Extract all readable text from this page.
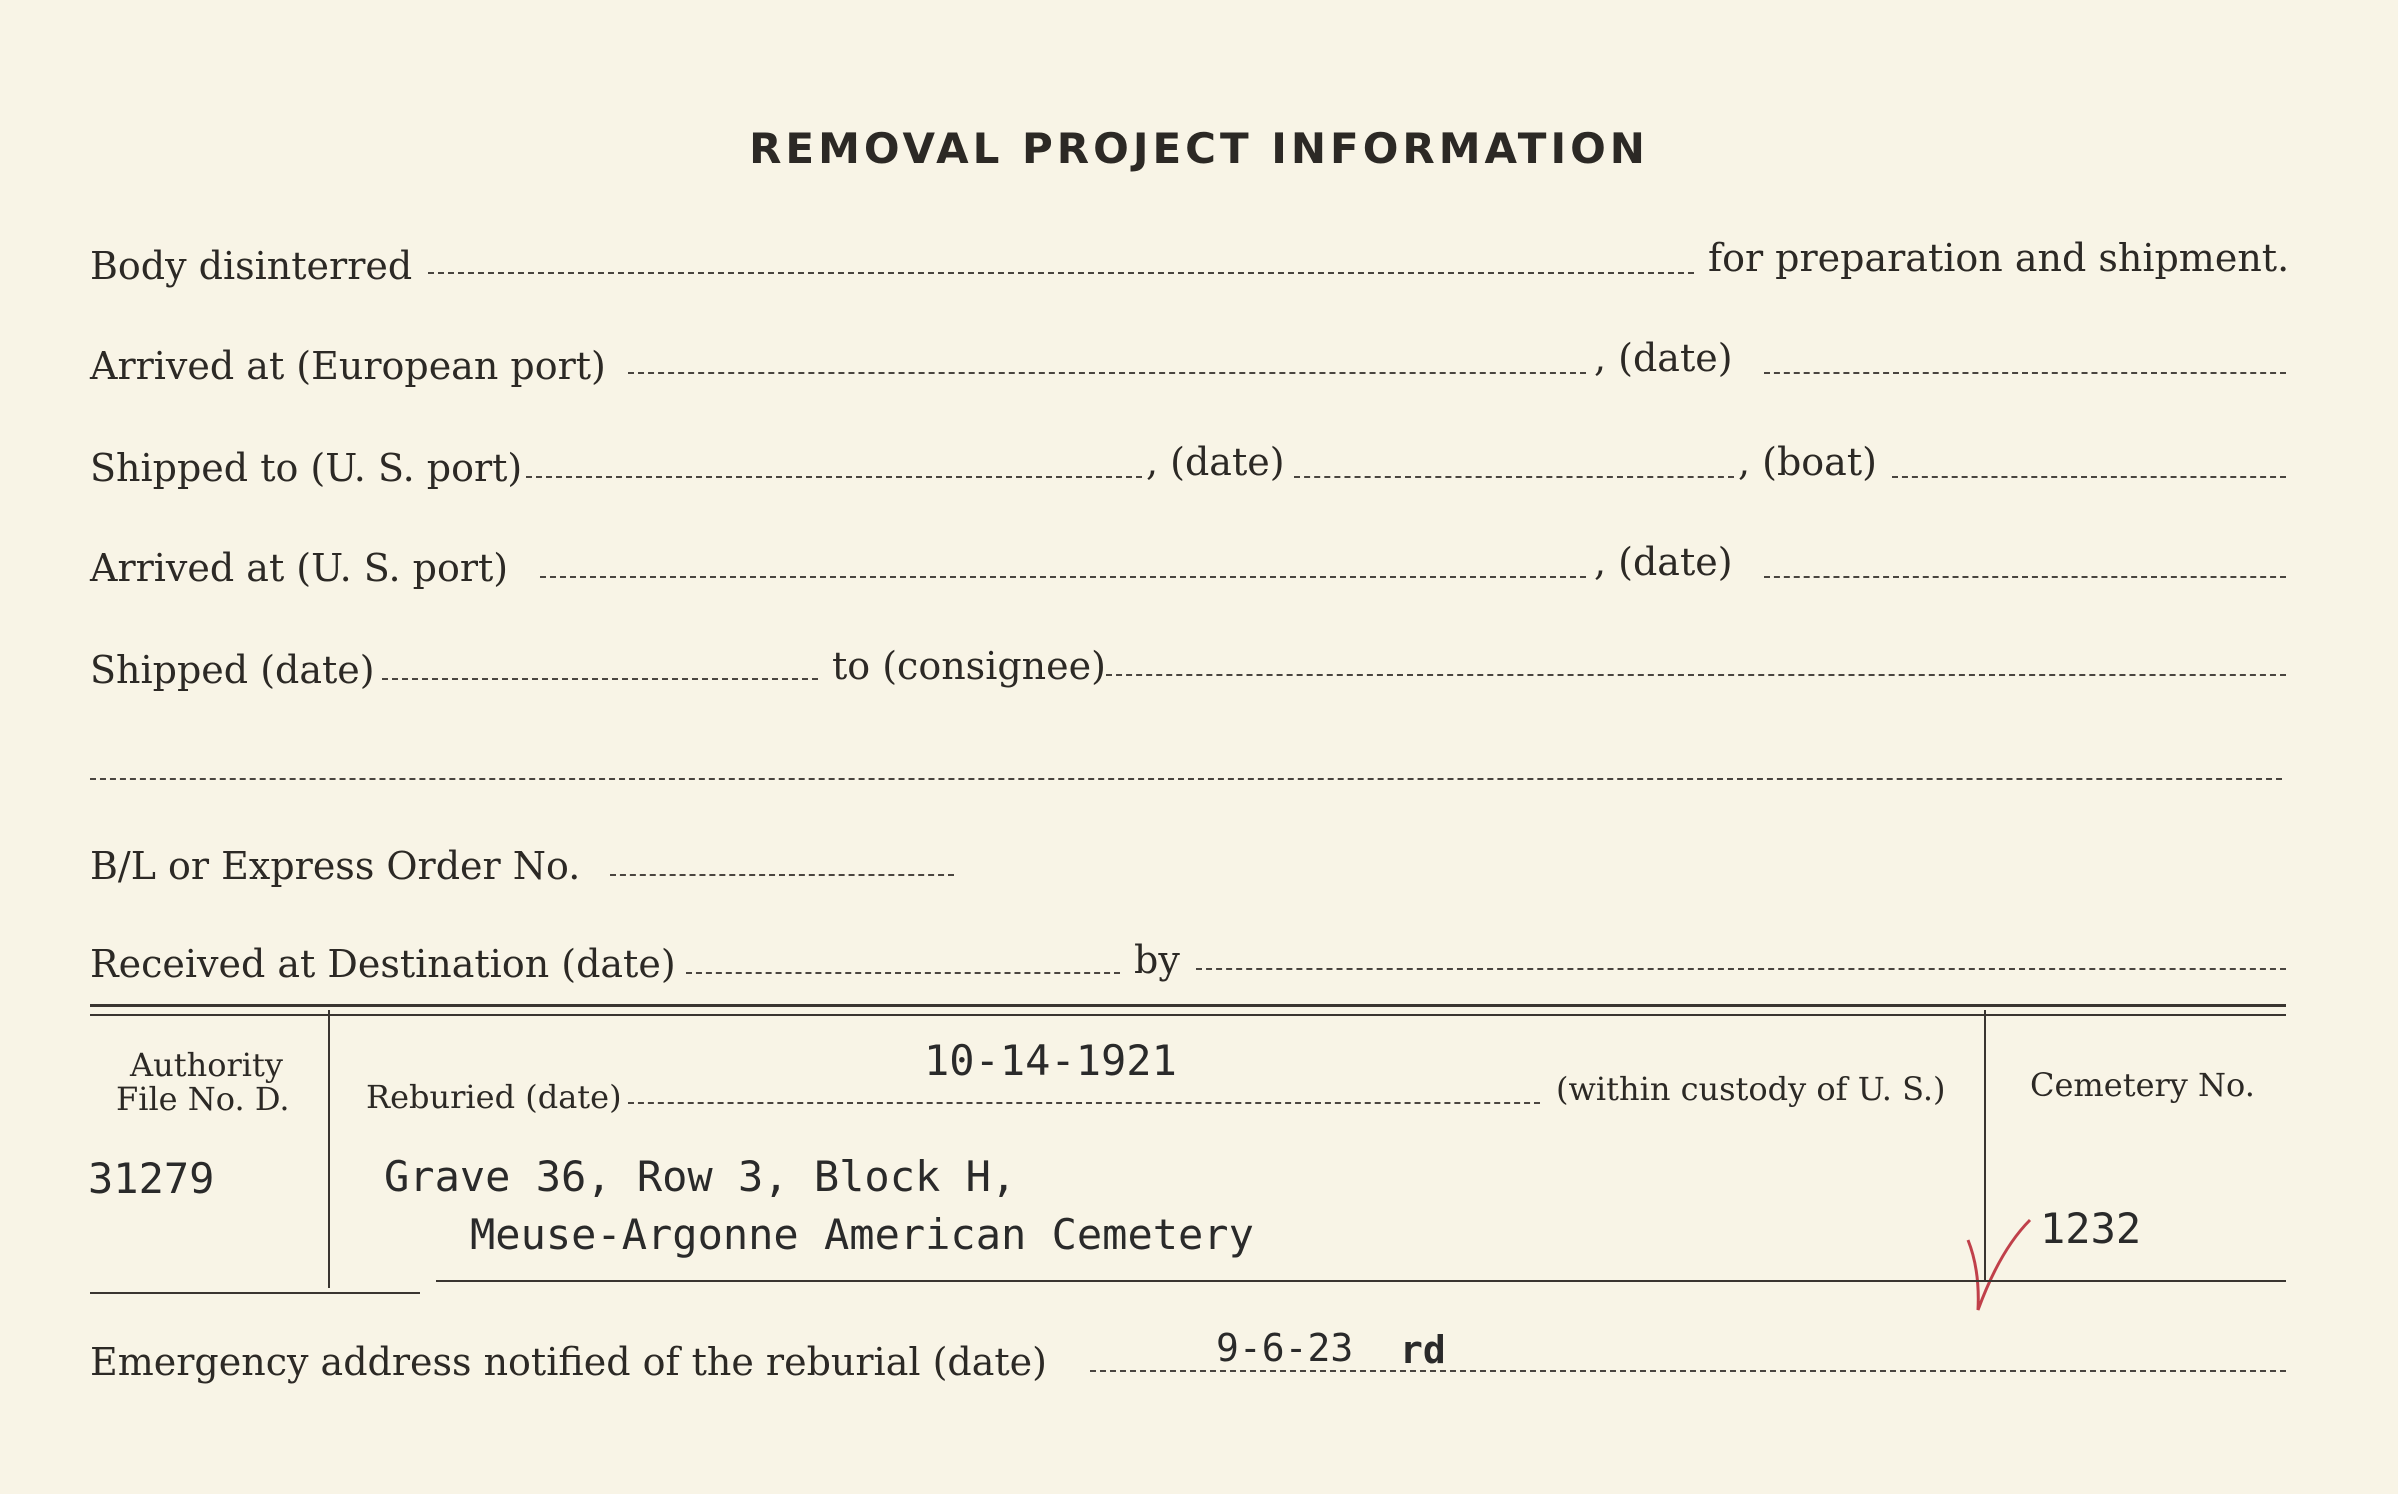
REMOVAL PROJECT INFORMATION
Body disinterred	for preparation and shipment.
Arrived at (European port)	, (date)
Shipped to (U. S. port)	, (date)	, (boat)
Arrived at (U. S. port)	, (date)
Shipped (date)	to (consignee)
B/L or Express Order No.
Received at Destination (date)	by
Authority
File No. D.
31279
10-14-1921
Reburied (date)	(within custody of U. S.)
Grave 36, Row 3, Block H,
Meuse-Argonne American Cemetery
Cemetery No.
1232
Emergency address notified of the reburial (date)	9-6-23 rd
